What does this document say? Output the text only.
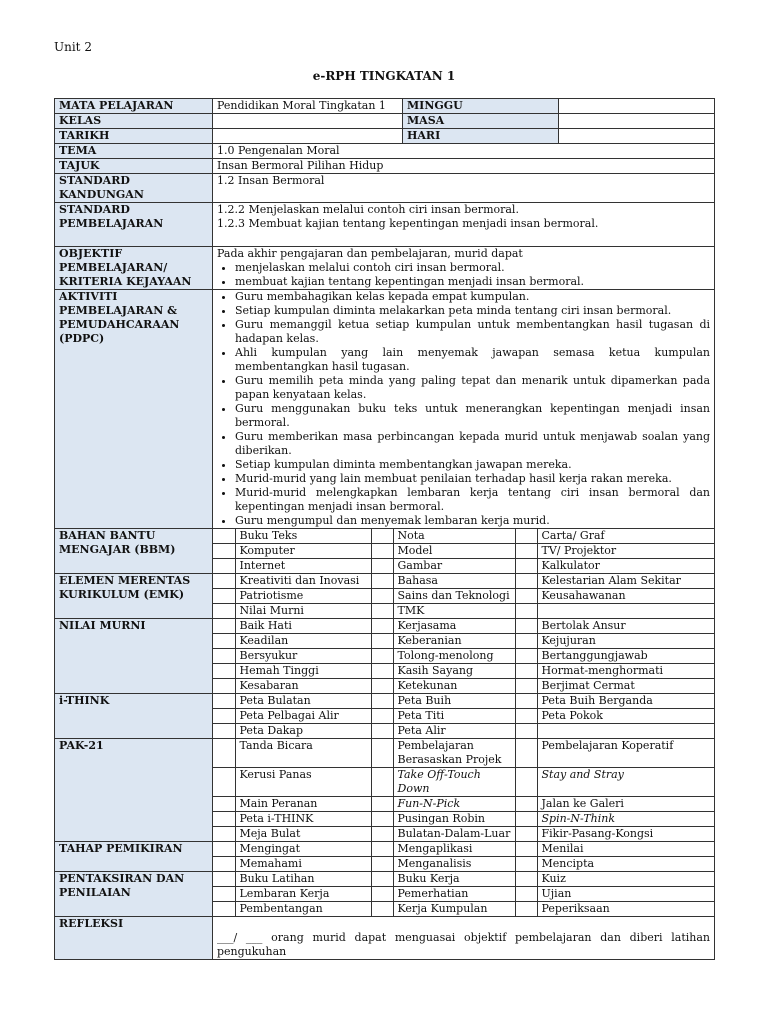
Unit 2
e-RPH TINGKATAN 1
MATA PELAJARAN	Pendidikan Moral Tingkatan 1	MINGGU	
KELAS		MASA	
TARIKH		HARI	
TEMA	1.0 Pengenalan Moral
TAJUK	Insan Bermoral Pilihan Hidup
STANDARD KANDUNGAN	1.2 Insan Bermoral
STANDARD PEMBELAJARAN	
1.2.2 Menjelaskan melalui contoh ciri insan bermoral.
1.2.3 Membuat kajian tentang kepentingan menjadi insan bermoral.

OBJEKTIF PEMBELAJARAN/ KRITERIA KEJAYAAN	
Pada akhir pengajaran dan pembelajaran, murid dapat
• menjelaskan melalui contoh ciri insan bermoral.
• membuat kajian tentang kepentingan menjadi insan bermoral.

AKTIVITI PEMBELAJARAN & PEMUDAHCARAAN (PDPC)	
• Guru membahagikan kelas kepada empat kumpulan.
• Setiap kumpulan diminta melakarkan peta minda tentang ciri insan bermoral.
• Guru memanggil ketua setiap kumpulan untuk membentangkan hasil tugasan di hadapan kelas.
• Ahli kumpulan yang lain menyemak jawapan semasa ketua kumpulan membentangkan hasil tugasan.
• Guru memilih peta minda yang paling tepat dan menarik untuk dipamerkan pada papan kenyataan kelas.
• Guru menggunakan buku teks untuk menerangkan kepentingan menjadi insan bermoral.
• Guru memberikan masa perbincangan kepada murid untuk menjawab soalan yang diberikan.
• Setiap kumpulan diminta membentangkan jawapan mereka.
• Murid-murid yang lain membuat penilaian terhadap hasil kerja rakan mereka.
• Murid-murid melengkapkan lembaran kerja tentang ciri insan bermoral dan kepentingan menjadi insan bermoral.
• Guru mengumpul dan menyemak lembaran kerja murid.

BAHAN BANTU MENGAJAR (BBM)	
	Buku Teks		Nota		Carta/ Graf
	Komputer		Model		TV/ Projektor
	Internet		Gambar		Kalkulator

ELEMEN MERENTAS KURIKULUM (EMK)	
	Kreativiti dan Inovasi		Bahasa		Kelestarian Alam Sekitar
	Patriotisme		Sains dan Teknologi		Keusahawanan
	Nilai Murni		TMK		

NILAI MURNI	
		Baik Hati		Kerjasama		Bertolak Ansur
	Keadilan		Keberanian		Kejujuran
	Bersyukur		Tolong-menolong		Bertanggungjawab
	Hemah Tinggi		Kasih Sayang		Hormat-menghormati
	Kesabaran		Ketekunan		Berjimat Cermat

i-THINK	
		Peta Bulatan		Peta Buih		Peta Buih Berganda
	Peta Pelbagai Alir		Peta Titi		Peta Pokok
	Peta Dakap		Peta Alir		

PAK-21	
		Tanda Bicara		Pembelajaran Berasaskan Projek		Pembelajaran Koperatif
	Kerusi Panas		Take Off-Touch Down		Stay and Stray
	Main Peranan		Fun-N-Pick		Jalan ke Galeri
	Peta i-THINK		Pusingan Robin		Spin-N-Think
	Meja Bulat		Bulatan-Dalam-Luar		Fikir-Pasang-Kongsi

TAHAP PEMIKIRAN	
		Mengingat		Mengaplikasi		Menilai
	Memahami		Menganalisis		Mencipta

PENTAKSIRAN DAN PENILAIAN	
	Buku Latihan		Buku Kerja		Kuiz
	Lembaran Kerja		Pemerhatian		Ujian
	Pembentangan		Kerja Kumpulan		Peperiksaan

REFLEKSI	___/ ___ orang murid dapat menguasai objektif pembelajaran dan diberi latihan pengukuhan
